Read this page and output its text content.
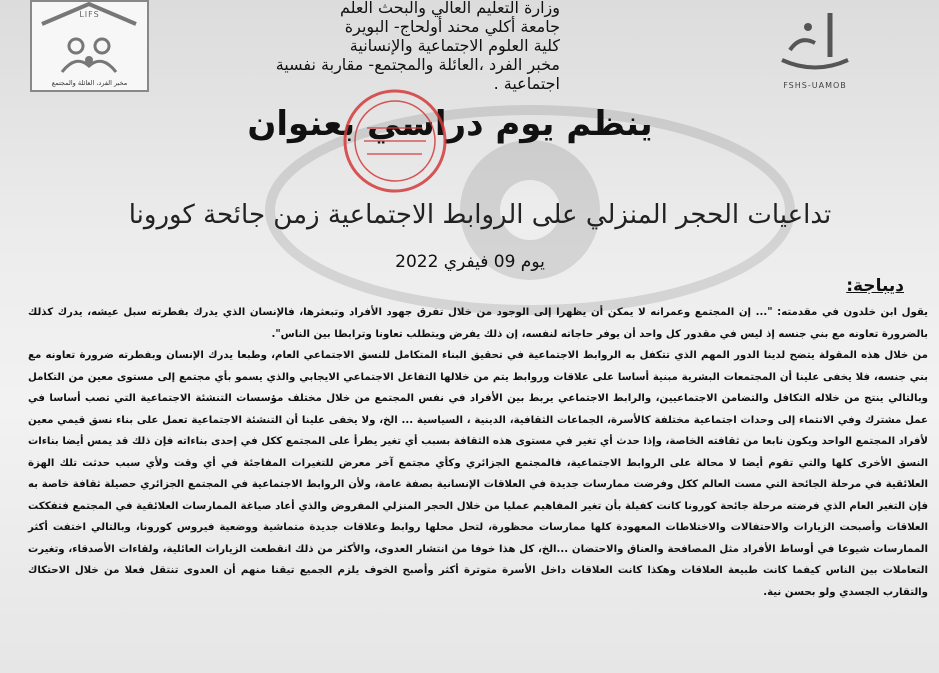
LIFS
مخبر الفرد، العائلة والمجتمع	FSHS-UAMOB
وزارة التعليم العالي والبحث العلم
جامعة أكلي محند أولحاج- البويرة
كلية العلوم الاجتماعية والإنسانية
مخبر الفرد ،العائلة والمجتمع- مقاربة نفسية اجتماعية .
ينظم يوم دراسي بعنوان
تداعيات الحجر المنزلي على الروابط الاجتماعية زمن جائحة كورونا
يوم 09 فيفري 2022
ديباجة:

يقول ابن خلدون في مقدمته: "... إن المجتمع وعمرانه لا يمكن أن يظهرا إلى الوجود من خلال تفرق جهود الأفراد وتبعثرها، فالإنسان الذي يدرك بفطرته سبل عيشه، يدرك كذلك بالضرورة تعاونه مع بني جنسه إذ ليس في مقدور كل واحد أن يوفر حاجاته لنفسه، إن ذلك يفرض ويتطلب تعاونا وترابطا بين الناس".

من خلال هذه المقولة يتضح لدينا الدور المهم الذي تتكفل به الروابط الاجتماعية في تحقيق البناء المتكامل للنسق الاجتماعي العام، وطبعا يدرك الإنسان وبفطرته ضرورة تعاونه مع بني جنسه، فلا يخفى علينا أن المجتمعات البشرية مبنية أساسا على علاقات وروابط يتم من خلالها التفاعل الاجتماعي الايجابي والذي يسمو بأي مجتمع إلى مستوى معين من التكامل وبالتالي ينتج من خلاله التكافل والتضامن الاجتماعيين، والرابط الاجتماعي يربط بين الأفراد في نفس المجتمع من خلال مختلف مؤسسات التنشئة الاجتماعية التي تصب أساسا في عمل مشترك وفي الانتماء إلى وحدات اجتماعية مختلفة كالأسرة، الجماعات الثقافية، الدينية ، السياسية ... الخ، ولا يخفى علينا أن التنشئة الاجتماعية تعمل على بناء نسق قيمي معين لأفراد المجتمع الواحد ويكون نابعا من ثقافته الخاصة، وإذا حدث أي تغير في مستوى هذه الثقافة بسبب أي تغير يطرأ على المجتمع ككل في إحدى بناءاته فإن ذلك قد يمس أيضا بناءات النسق الأخرى كلها والتي تقوم أيضا لا محالة على الروابط الاجتماعية، فالمجتمع الجزائري وكأي مجتمع آخر معرض للتغيرات المفاجئة في أي وقت ولأي سبب حدثت تلك الهزة العلائقية في مرحلة الجائحة التي مست العالم ككل وفرضت ممارسات جديدة في العلاقات الإنسانية بصفة عامة، ولأن الروابط الاجتماعية في المجتمع الجزائري حصيلة ثقافة خاصة به فإن التغير العام الذي فرضته مرحلة جائحة كورونا كانت كفيلة بأن تغير المفاهيم عمليا من خلال الحجر المنزلي المفروض والذي أعاد صياغة الممارسات العلائقية في المجتمع فتفككت العلاقات وأصبحت الزيارات والاحتفالات والاختلاطات المعهودة كلها ممارسات محظورة، لتحل محلها روابط وعلاقات جديدة متماشية ووضعية فيروس كورونا، وبالتالي اختفت أكثر الممارسات شيوعا في أوساط الأفراد مثل المصافحة والعناق والاحتضان ...الخ، كل هذا خوفا من انتشار العدوى، والأكثر من ذلك انقطعت الزيارات العائلية، ولقاءات الأصدقاء، وتغيرت التعاملات بين الناس كيفما كانت طبيعة العلاقات وهكذا كانت العلاقات داخل الأسرة متوترة أكثر وأصبح الخوف يلزم الجميع تيقنا منهم أن العدوى تنتقل فعلا من خلال الاحتكاك والتقارب الجسدي ولو بحسن نية.
